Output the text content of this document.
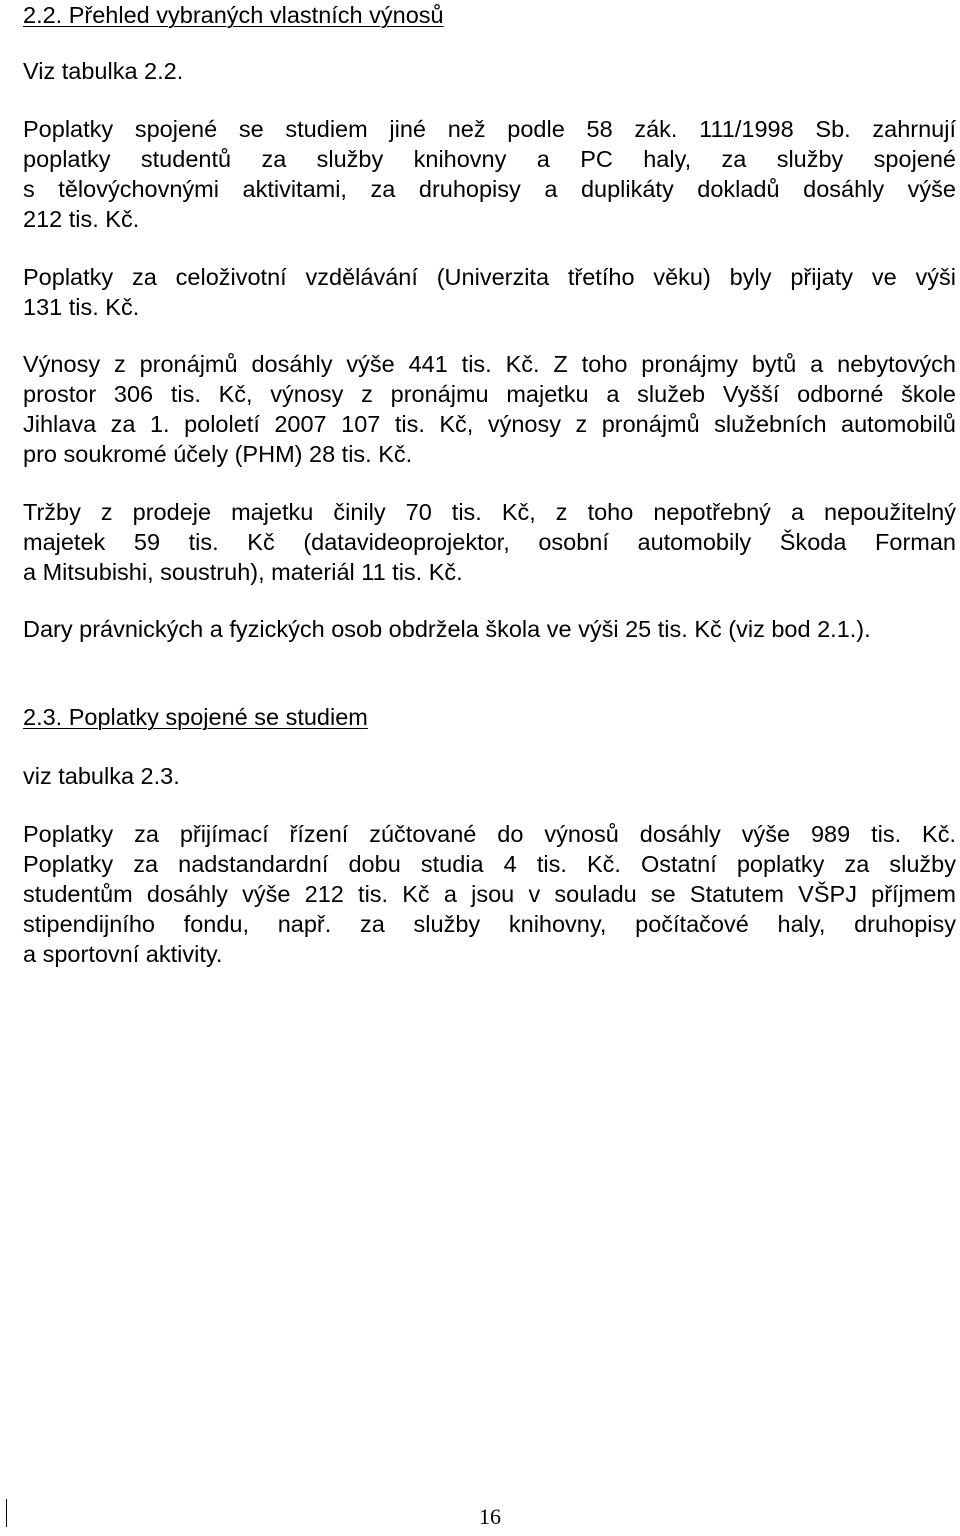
2.2. Přehled vybraných vlastních výnosů
Viz tabulka 2.2.
Poplatky spojené se studiem jiné než podle 58 zák. 111/1998 Sb. zahrnují
poplatky studentů za služby knihovny a PC haly, za služby spojené
s tělovýchovnými aktivitami, za druhopisy a duplikáty dokladů dosáhly výše
212 tis. Kč.
Poplatky za celoživotní vzdělávání (Univerzita třetího věku) byly přijaty ve výši
131 tis. Kč.
Výnosy z pronájmů dosáhly výše 441 tis. Kč. Z toho pronájmy bytů a nebytových
prostor 306 tis. Kč, výnosy z pronájmu majetku a služeb Vyšší odborné škole
Jihlava za 1. pololetí 2007 107 tis. Kč, výnosy z pronájmů služebních automobilů
pro soukromé účely (PHM) 28 tis. Kč.
Tržby z prodeje majetku činily 70 tis. Kč, z toho nepotřebný a nepoužitelný
majetek 59 tis. Kč (datavideoprojektor, osobní automobily Škoda Forman
a Mitsubishi, soustruh), materiál 11 tis. Kč.
Dary právnických a fyzických osob obdržela škola ve výši 25 tis. Kč (viz bod 2.1.).
2.3. Poplatky spojené se studiem
viz tabulka 2.3.
Poplatky za přijímací řízení zúčtované do výnosů dosáhly výše 989 tis. Kč.
Poplatky za nadstandardní dobu studia 4 tis. Kč. Ostatní poplatky za služby
studentům dosáhly výše 212 tis. Kč a jsou v souladu se Statutem VŠPJ příjmem
stipendijního fondu, např. za služby knihovny, počítačové haly, druhopisy
a sportovní aktivity.
16
